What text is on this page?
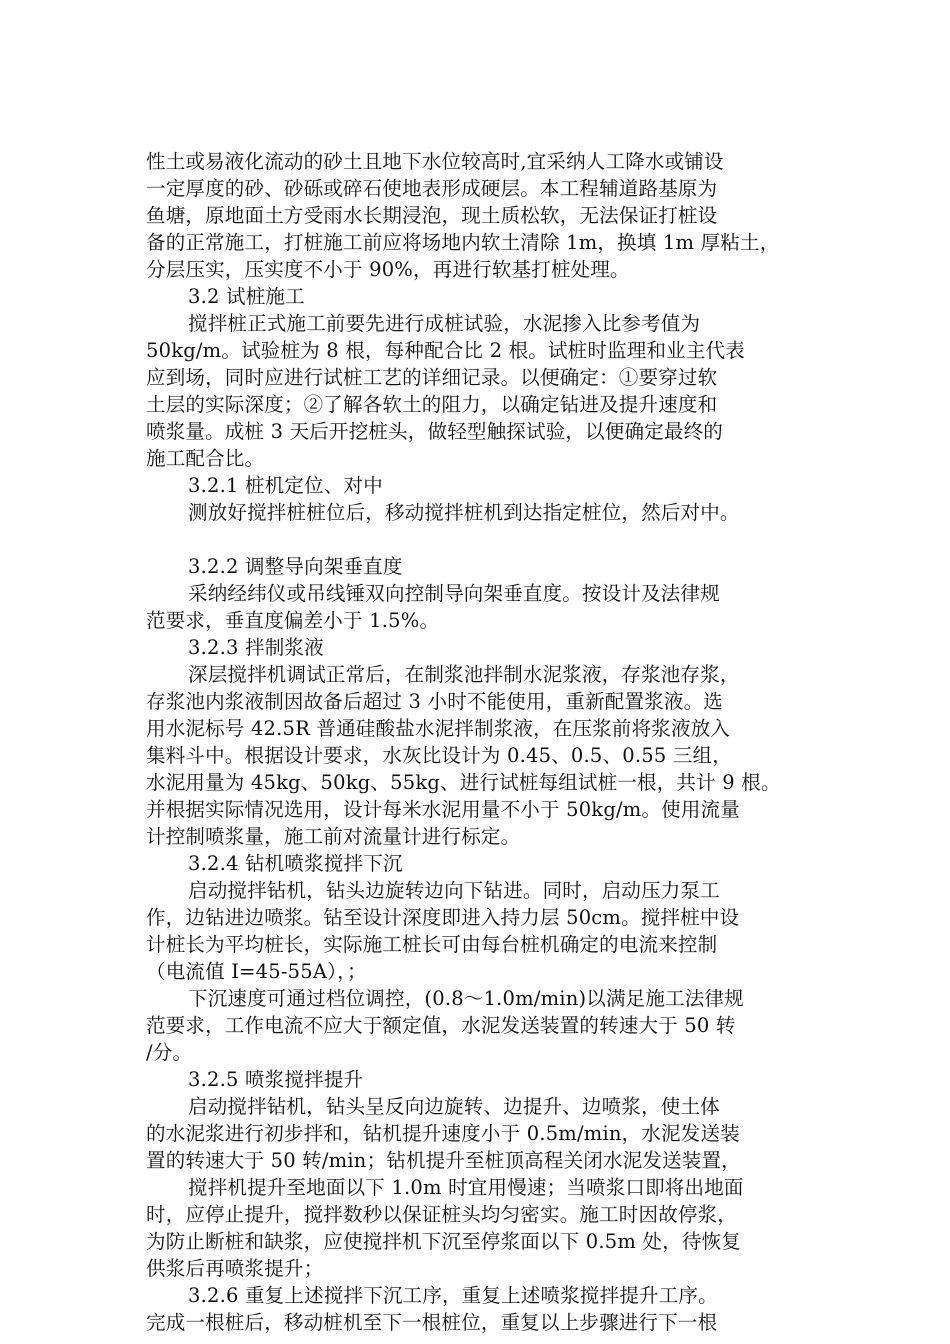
性土或易液化流动的砂土且地下水位较高时,宜采纳人工降水或铺设
一定厚度的砂、砂砾或碎石使地表形成硬层。本工程辅道路基原为
鱼塘，原地面土方受雨水长期浸泡，现土质松软，无法保证打桩设
备的正常施工，打桩施工前应将场地内软土清除 1m，换填 1m 厚粘土，
分层压实，压实度不小于 90%，再进行软基打桩处理。
3.2 试桩施工
搅拌桩正式施工前要先进行成桩试验，水泥掺入比参考值为
50kg/m。试验桩为 8 根，每种配合比 2 根。试桩时监理和业主代表
应到场，同时应进行试桩工艺的详细记录。以便确定：①要穿过软
土层的实际深度；②了解各软土的阻力，以确定钻进及提升速度和
喷浆量。成桩 3 天后开挖桩头，做轻型触探试验，以便确定最终的
施工配合比。
3.2.1 桩机定位、对中
测放好搅拌桩桩位后，移动搅拌桩机到达指定桩位，然后对中。
3.2.2 调整导向架垂直度
采纳经纬仪或吊线锤双向控制导向架垂直度。按设计及法律规
范要求，垂直度偏差小于 1.5%。
3.2.3 拌制浆液
深层搅拌机调试正常后，在制浆池拌制水泥浆液，存浆池存浆，
存浆池内浆液制因故备后超过 3 小时不能使用，重新配置浆液。选
用水泥标号 42.5R 普通硅酸盐水泥拌制浆液，在压浆前将浆液放入
集料斗中。根据设计要求，水灰比设计为 0.45、0.5、0.55 三组，
水泥用量为 45kg、50kg、55kg、进行试桩每组试桩一根，共计 9 根。
并根据实际情况选用，设计每米水泥用量不小于 50kg/m。使用流量
计控制喷浆量，施工前对流量计进行标定。
3.2.4 钻机喷浆搅拌下沉
启动搅拌钻机，钻头边旋转边向下钻进。同时，启动压力泵工
作，边钻进边喷浆。钻至设计深度即进入持力层 50cm。搅拌桩中设
计桩长为平均桩长，实际施工桩长可由每台桩机确定的电流来控制
（电流值 I=45-55A），；
下沉速度可通过档位调控，(0.8～1.0m/min)以满足施工法律规
范要求，工作电流不应大于额定值，水泥发送装置的转速大于 50 转
/分。
3.2.5 喷浆搅拌提升
启动搅拌钻机，钻头呈反向边旋转、边提升、边喷浆，使土体
的水泥浆进行初步拌和，钻机提升速度小于 0.5m/min，水泥发送装
置的转速大于 50 转/min；钻机提升至桩顶高程关闭水泥发送装置，
搅拌机提升至地面以下 1.0m 时宜用慢速；当喷浆口即将出地面
时，应停止提升，搅拌数秒以保证桩头均匀密实。施工时因故停浆，
为防止断桩和缺浆，应使搅拌机下沉至停浆面以下 0.5m 处，待恢复
供浆后再喷浆提升；
3.2.6 重复上述搅拌下沉工序，重复上述喷浆搅拌提升工序。
完成一根桩后，移动桩机至下一根桩位，重复以上步骤进行下一根
